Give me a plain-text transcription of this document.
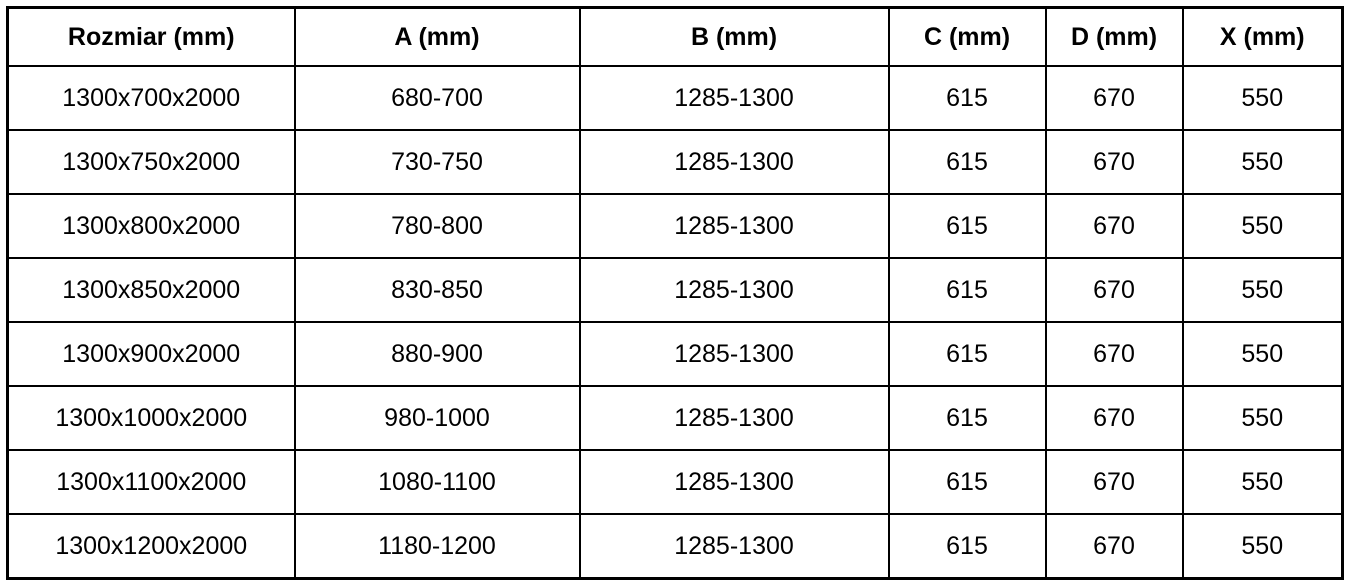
Rozmiar (mm)	A (mm)	B (mm)	C (mm)	D (mm)	X (mm)
1300x700x2000	680-700	1285-1300	615	670	550
1300x750x2000	730-750	1285-1300	615	670	550
1300x800x2000	780-800	1285-1300	615	670	550
1300x850x2000	830-850	1285-1300	615	670	550
1300x900x2000	880-900	1285-1300	615	670	550
1300x1000x2000	980-1000	1285-1300	615	670	550
1300x1100x2000	1080-1100	1285-1300	615	670	550
1300x1200x2000	1180-1200	1285-1300	615	670	550
